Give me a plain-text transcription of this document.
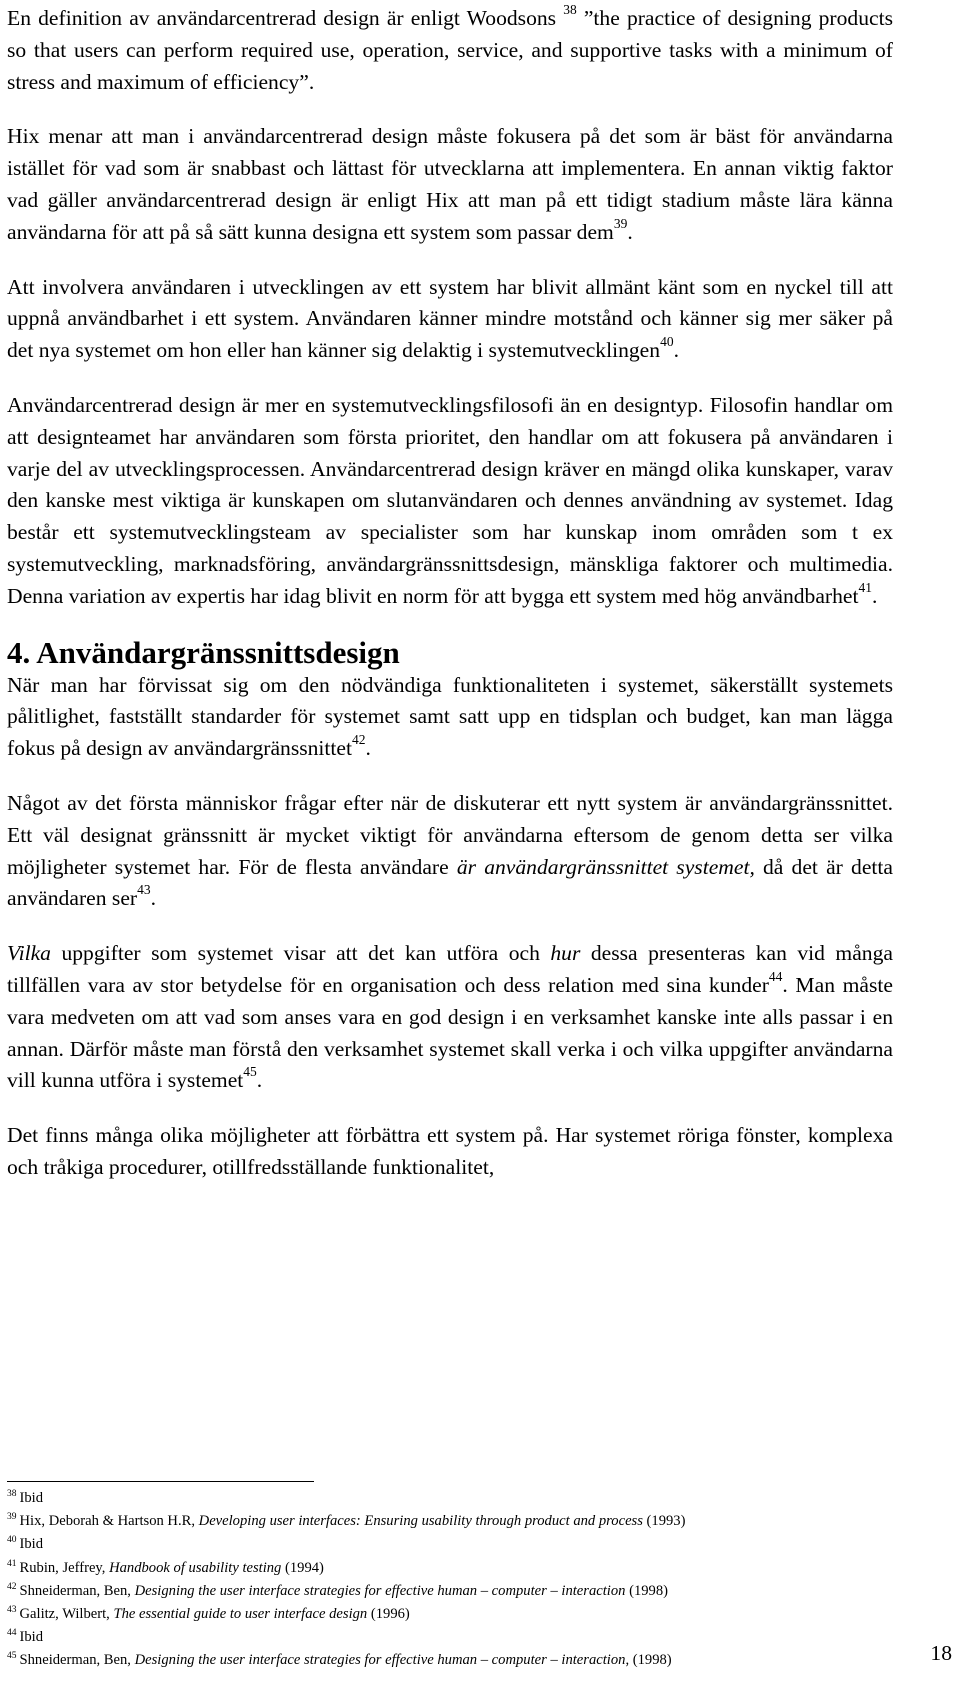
En definition av användarcentrerad design är enligt Woodsons $^{38}$ ”the practice of designing products so that users can perform required use, operation, service, and supportive tasks with a minimum of stress and maximum of efficiency”.

Hix menar att man i användarcentrerad design måste fokusera på det som är bäst för användarna istället för vad som är snabbast och lättast för utvecklarna att implementera. En annan viktig faktor vad gäller användarcentrerad design är enligt Hix att man på ett tidigt stadium måste lära känna användarna för att på så sätt kunna designa ett system som passar dem$^{39}$.

Att involvera användaren i utvecklingen av ett system har blivit allmänt känt som en nyckel till att uppnå användbarhet i ett system. Användaren känner mindre motstånd och känner sig mer säker på det nya systemet om hon eller han känner sig delaktig i systemutvecklingen$^{40}$.

Användarcentrerad design är mer en systemutvecklingsfilosofi än en designtyp. Filosofin handlar om att designteamet har användaren som första prioritet, den handlar om att fokusera på användaren i varje del av utvecklingsprocessen. Användarcentrerad design kräver en mängd olika kunskaper, varav den kanske mest viktiga är kunskapen om slutanvändaren och dennes användning av systemet. Idag består ett systemutvecklingsteam av specialister som har kunskap inom områden som t ex systemutveckling, marknadsföring, användargränssnittsdesign, mänskliga faktorer och multimedia. Denna variation av expertis har idag blivit en norm för att bygga ett system med hög användbarhet$^{41}$.

4. Användargränssnittsdesign

När man har förvissat sig om den nödvändiga funktionaliteten i systemet, säkerställt systemets pålitlighet, fastställt standarder för systemet samt satt upp en tidsplan och budget, kan man lägga fokus på design av användargränssnittet$^{42}$.

Något av det första människor frågar efter när de diskuterar ett nytt system är användargränssnittet. Ett väl designat gränssnitt är mycket viktigt för användarna eftersom de genom detta ser vilka möjligheter systemet har. För de flesta användare är användargränssnittet systemet, då det är detta användaren ser$^{43}$.

Vilka uppgifter som systemet visar att det kan utföra och hur dessa presenteras kan vid många tillfällen vara av stor betydelse för en organisation och dess relation med sina kunder$^{44}$. Man måste vara medveten om att vad som anses vara en god design i en verksamhet kanske inte alls passar i en annan. Därför måste man förstå den verksamhet systemet skall verka i och vilka uppgifter användarna vill kunna utföra i systemet$^{45}$.

Det finns många olika möjligheter att förbättra ett system på. Har systemet röriga fönster, komplexa och tråkiga procedurer, otillfredsställande funktionalitet,

$^{38}$ Ibid
$^{39}$ Hix, Deborah & Hartson H.R, Developing user interfaces: Ensuring usability through product and process (1993)
$^{40}$ Ibid
$^{41}$ Rubin, Jeffrey, Handbook of usability testing (1994)
$^{42}$ Shneiderman, Ben, Designing the user interface strategies for effective human – computer – interaction (1998)
$^{43}$ Galitz, Wilbert, The essential guide to user interface design (1996)
$^{44}$ Ibid
$^{45}$ Shneiderman, Ben, Designing the user interface strategies for effective human – computer – interaction, (1998)	18
